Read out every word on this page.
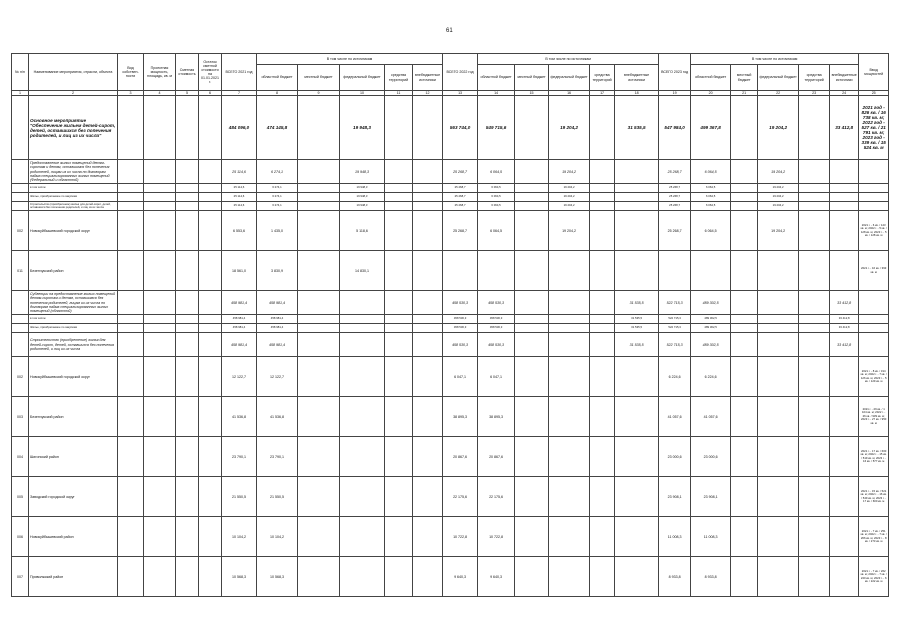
61
№ п/п	Наименование мероприятия, отрасли, объекта	Вид собствен-ности	Проектная мощность, площадь, кв. м	Сметная стоимость	Остаток сметной стоимости на 01.01.2021 г.	ВСЕГО 2021 год	В том числе по источникам					ВСЕГО 2022 год	В том числе по источникам					ВСЕГО 2023 год	В том числе по источникам					Ввод мощностей
							областной бюджет	местный бюджет	федеральный бюджет	средства территорий	внебюджетные источники		областной бюджет	местный бюджет	федеральный бюджет	средства территорий	внебюджетные источники		областной бюджет	местный бюджет	федеральный бюджет	средства территорий	внебюджетные источники	
1	2	3	4	5	6	7	8	9	10	11	12	13	14	15	16	17	18	19	20	21	22	23	24	25
	Основное мероприятие "Обеспечение жильем детей-сирот, детей, оставшихся без попечения родителей, и лиц из их числа"					484 096,0	474 145,8		19 948,3			563 744,0	549 715,6		19 204,2		31 535,5	547 984,0	499 367,8		19 204,2		33 412,8	2021 год - 826 кв. / 16 738 кв. м; 2022 год - 527 кв. / 21 791 кв. м; 2023 год - 339 кв. / 15 524 кв. м
	Предоставление жилых помещений детям-сиротам и детям, оставшимся без попечения родителей, лицам из их числа по договорам найма специализированных жилых помещений (Федеральный и областной)					25 114,6	6 274,1		19 948,3			25 268,7	6 064,5		19 204,2			25 268,7	6 064,5		19 204,2			
	в том числе:					25 114,6	6 274,1		19 948,3			25 268,7	6 064,5		19 204,2			25 268,7	6 064,5		19 204,2			
	Жилье, приобретаемое по закупкам					25 114,6	6 274,1		19 948,3			25 268,7	6 064,5		19 204,2			25 268,7	6 064,5		19 204,2			
	Строительство (приобретение) жилья для детей-сирот, детей, оставшихся без попечения родителей, и лиц из их числа					25 114,6	6 274,1		19 948,3			25 268,7	6 064,5		19 204,2			25 268,7	6 064,5		19 204,2			
002	Новокуйбышевский городской округ					6 553,6	1 435,0		5 118,6			25 268,7	6 064,5		19 204,2			25 268,7	6 064,5		19 204,2			2021 г. - 6 кв. / 123 кв. м; 2022 г. - 5 кв. / 128 кв. м; 2023 г. - 5 кв. / 128 кв. м
011	Безенчукский район					18 561,0	3 830,9		14 830,1															2021 г. - 16 кв. / 393 кв. м
	Субвенции на предоставление жилых помещений детям-сиротам и детям, оставшимся без попечения родителей, лицам из их числа по договорам найма специализированных жилых помещений (областной)					458 981,4	458 981,4					458 530,3	458 530,3				31 535,5	522 715,3	489 302,5				33 412,8	
	в том числе:					458 981,4	458 981,4					458 530,3	458 530,3				31 535,5	522 715,3	489 302,5				33 412,8	
	Жилье, приобретаемое по закупкам					458 981,4	458 981,4					458 530,3	458 530,3				31 535,5	522 715,3	489 302,5				33 412,8	
	Строительство (приобретение) жилья для детей-сирот, детей, оставшихся без попечения родителей, и лиц из их числа					458 981,4	458 981,4					458 530,3	458 530,3				31 535,5	522 715,3	489 302,5				33 412,8	
002	Новокуйбышевский городской округ					12 122,7	12 122,7					6 047,1	6 047,1					6 224,6	6 224,6					2021 г. - 8 кв. / 314 кв. м; 2022 г. - 7 кв. / 126 кв. м; 2023 г. - 5 кв. / 129 кв. м
003	Безенчукский район					41 536,8	41 536,8					38 895,3	38 895,3					41 057,6	41 057,6					2021 г. - 29 кв. / 1 104 кв. м; 2022 г. - 26 кв. / 939 кв. м; 2023 г. - 27 кв. / 950 кв. м
004	Шигонский район					23 790,1	23 790,1					20 867,6	20 867,6					23 000,6	23 000,6					2021 г. - 17 кв. / 600 кв. м; 2022 г. - 15 кв. / 519 кв. м; 2023 г. - 16 кв. / 577 кв. м
005	Заводский городской округ					21 550,5	21 550,5					22 175,6	22 175,6					23 908,1	23 908,1					2021 г. - 15 кв. / 521 кв. м; 2022 г. - 16 кв. / 549 кв. м; 2023 г. - 17 кв. / 600 кв. м
006	Новокуйбышевский район					10 104,2	10 104,2					10 722,8	10 722,8					11 008,3	11 008,3					2021 г. - 7 кв. / 251 кв. м; 2022 г. - 7 кв. / 266 кв. м; 2023 г. - 8 кв. / 273 кв. м
007	Приволжский район					10 568,3	10 568,3					9 640,3	9 640,3					8 933,8	8 933,8					2021 г. - 7 кв. / 262 кв. м; 2022 г. - 7 кв. / 240 кв. м; 2023 г. - 6 кв. / 222 кв. м
